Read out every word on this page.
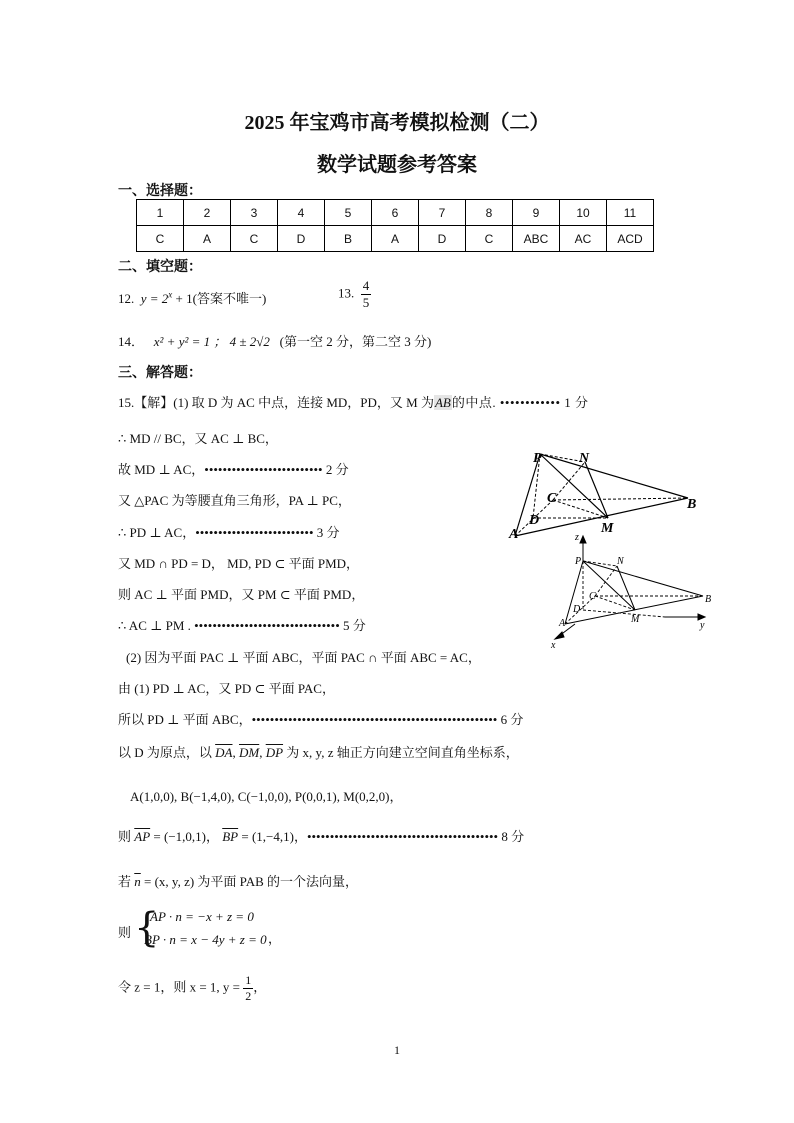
2025 年宝鸡市高考模拟检测（二）
数学试题参考答案
一、选择题：
1	2	3	4	5	6	7	8	9	10	11
C	A	C	D	B	A	D	C	ABC	AC	ACD
二、填空题：
12. $y = 2^x + 1$(答案不唯一)	13. $\frac{4}{5}$
14． x² + y² = 1 ； 4 ± 2√2 (第一空 2 分，第二空 3 分)
三、解答题：
15.【解】(1) 取 D 为 AC 中点，连接 MD，PD，又 M 为AB的中点. •••••••••••• 1 分
∴ MD // BC，又 AC ⊥ BC，
故 MD ⊥ AC，•••••••••••••••••••••••••• 2 分
又 △PAC 为等腰直角三角形，PA ⊥ PC，
∴ PD ⊥ AC，•••••••••••••••••••••••••• 3 分
又 MD ∩ PD = D， MD, PD ⊂ 平面 PMD，
则 AC ⊥ 平面 PMD，又 PM ⊂ 平面 PMD，
∴ AC ⊥ PM . •••••••••••••••••••••••••••••••• 5 分
(2) 因为平面 PAC ⊥ 平面 ABC，平面 PAC ∩ 平面 ABC = AC，
由 (1) PD ⊥ AC，又 PD ⊂ 平面 PAC，
所以 PD ⊥ 平面 ABC，•••••••••••••••••••••••••••••••••••••••••••••••••••••• 6 分
以 D 为原点，以 $\overline{DA}$, $\overline{DM}$, $\overline{DP}$ 为 x, y, z 轴正方向建立空间直角坐标系，
A(1,0,0), B(−1,4,0), C(−1,0,0), P(0,0,1), M(0,2,0)，
则 $\overline{AP} = (-1,0,1)$， $\overline{BP} = (1,-4,1)$，•••••••••••••••••••••••••••••••••••••••••• 8 分
若 $\overline{n} = (x$, y, z) 为平面 PAB 的一个法向量，
则 {
AP · n = −x + z = 0
BP · n = x − 4y + z = 0 ，
令 z = 1，则 x = 1, $y = \frac{1}{2}$ ，
P	N
C
D
B
A	M
z
P	N
C
D
B
A	M
y
x
1
